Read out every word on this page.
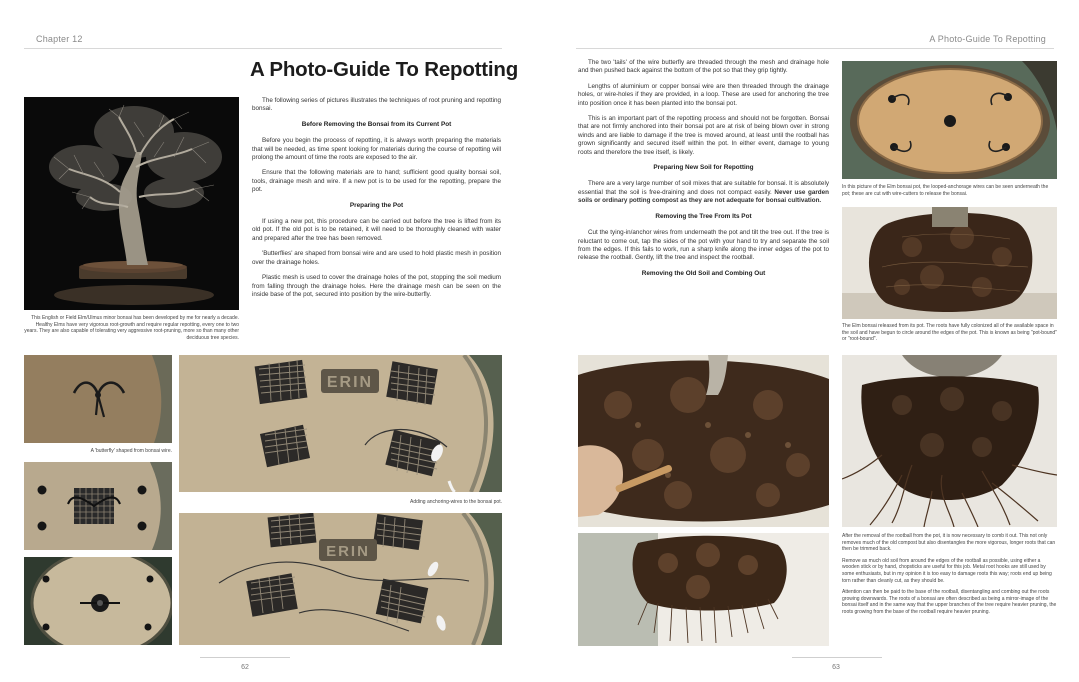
Chapter 12
A Photo-Guide To Repotting
This English or Field Elm/Ulmus minor bonsai has been developed by me for nearly a decade. Healthy Elms have very vigorous root-growth and require regular repotting, every one to two years. They are also capable of tolerating very aggressive root-pruning, more so than many other deciduous tree species.

The following series of pictures illustrates the techniques of root pruning and repotting bonsai.

Before Removing the Bonsai from its Current Pot

Before you begin the process of repotting, it is always worth preparing the materials that will be needed, as time spent looking for materials during the course of repotting will prolong the amount of time the roots are exposed to the air.

Ensure that the following materials are to hand; sufficient good quality bonsai soil, tools, drainage mesh and wire. If a new pot is to be used for the repotting, prepare the pot.

Preparing the Pot

If using a new pot, this procedure can be carried out before the tree is lifted from its old pot. If the old pot is to be retained, it will need to be thoroughly cleaned with water and prepared after the tree has been removed.

'Butterflies' are shaped from bonsai wire and are used to hold plastic mesh in position over the drainage holes.

Plastic mesh is used to cover the drainage holes of the pot, stopping the soil medium from falling through the drainage holes. Here the drainage mesh can be seen on the inside base of the pot, secured into position by the wire-butterfly.

A 'butterfly' shaped from bonsai wire.
ERIN
Adding anchoring-wires to the bonsai pot.
ERIN
62
A Photo-Guide To Repotting

The two 'tails' of the wire butterfly are threaded through the mesh and drainage hole and then pushed back against the bottom of the pot so that they grip tightly.

Lengths of aluminium or copper bonsai wire are then threaded through the drainage holes, or wire-holes if they are provided, in a loop. These are used for anchoring the tree into position once it has been planted into the bonsai pot.

This is an important part of the repotting process and should not be forgotten. Bonsai that are not firmly anchored into their bonsai pot are at risk of being blown over in strong winds and are liable to damage if the tree is moved around, at least until the rootball has grown significantly and secured itself within the pot. In either event, damage to young roots and therefore the tree itself, is likely.

Preparing New Soil for Repotting

There are a very large number of soil mixes that are suitable for bonsai. It is absolutely essential that the soil is free-draining and does not compact easily. Never use garden soils or ordinary potting compost as they are not adequate for bonsai cultivation.

Removing the Tree From Its Pot

Cut the tying-in/anchor wires from underneath the pot and tilt the tree out. If the tree is reluctant to come out, tap the sides of the pot with your hand to try and separate the soil from the edges. If this fails to work, run a sharp knife along the inner edges of the pot to release the rootball. Gently, lift the tree and inspect the rootball.

Removing the Old Soil and Combing Out
In this picture of the Elm bonsai pot, the looped-anchorage wires can be seen underneath the pot; these are cut with wire-cutters to release the bonsai.
The Elm bonsai released from its pot. The roots have fully colonized all of the available space in the soil and have begun to circle around the edges of the pot. This is known as being "pot-bound" or "root-bound".

After the removal of the rootball from the pot, it is now necessary to comb it out. This not only removes much of the old compost but also disentangles the more vigorous, longer roots that can then be trimmed back.

Remove as much old soil from around the edges of the rootball as possible, using either a wooden stick or by hand, chopsticks are useful for this job. Metal root hooks are still used by some enthusiasts, but in my opinion it is too easy to damage roots this way; roots end up being torn rather than cleanly cut, as they should be.

Attention can then be paid to the base of the rootball, disentangling and combing out the roots growing downwards. The roots of a bonsai are often described as being a mirror-image of the bonsai itself and in the same way that the upper branches of the tree require heavier pruning, the roots growing from the base of the rootball require heavier pruning.

63
